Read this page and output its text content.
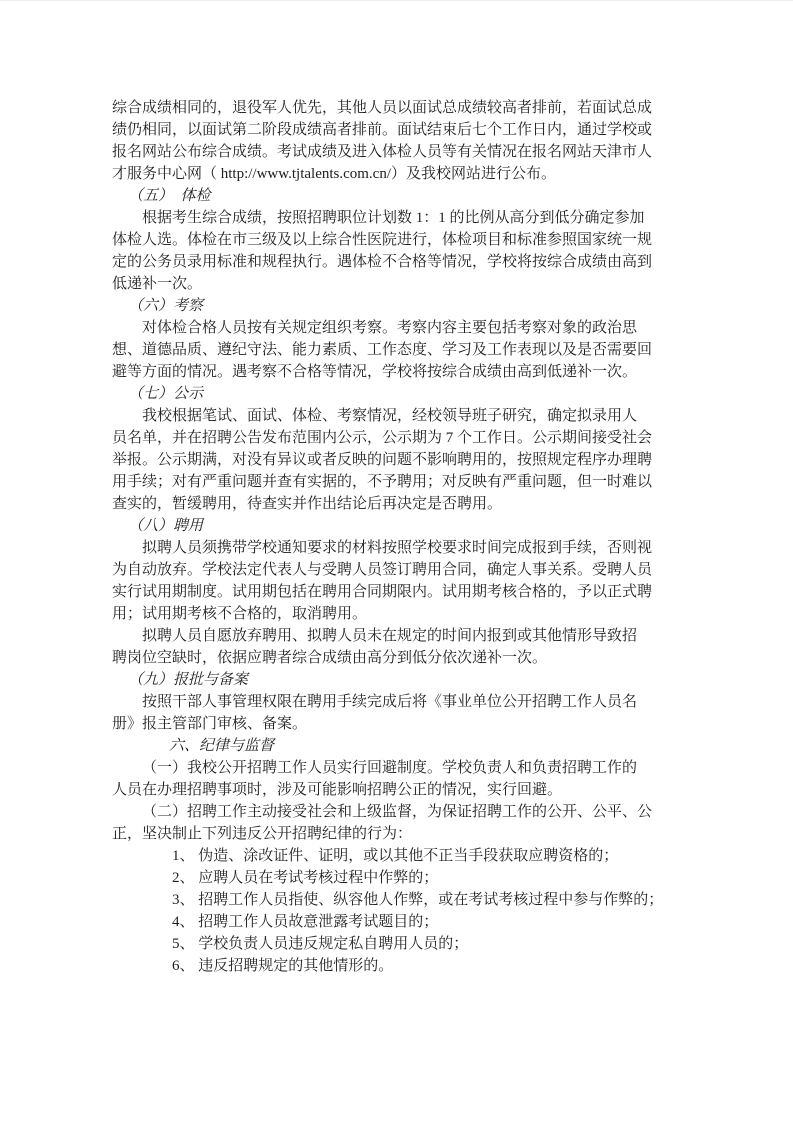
综合成绩相同的，退役军人优先，其他人员以面试总成绩较高者排前，若面试总成
绩仍相同，以面试第二阶段成绩高者排前。面试结束后七个工作日内，通过学校或
报名网站公布综合成绩。考试成绩及进入体检人员等有关情况在报名网站天津市人
才服务中心网（ http://www.tjtalents.com.cn/）及我校网站进行公布。
（五）　体检
根据考生综合成绩，按照招聘职位计划数 1：1 的比例从高分到低分确定参加
体检人选。体检在市三级及以上综合性医院进行，体检项目和标准参照国家统一规
定的公务员录用标准和规程执行。遇体检不合格等情况，学校将按综合成绩由高到
低递补一次。
（六）考察
对体检合格人员按有关规定组织考察。考察内容主要包括考察对象的政治思
想、道德品质、遵纪守法、能力素质、工作态度、学习及工作表现以及是否需要回
避等方面的情况。遇考察不合格等情况，学校将按综合成绩由高到低递补一次。
（七）公示
我校根据笔试、面试、体检、考察情况，经校领导班子研究，确定拟录用人
员名单，并在招聘公告发布范围内公示，公示期为 7 个工作日。公示期间接受社会
举报。公示期满，对没有异议或者反映的问题不影响聘用的，按照规定程序办理聘
用手续；对有严重问题并查有实据的，不予聘用；对反映有严重问题，但一时难以
查实的，暂缓聘用，待查实并作出结论后再决定是否聘用。
（八）聘用
拟聘人员须携带学校通知要求的材料按照学校要求时间完成报到手续，否则视
为自动放弃。学校法定代表人与受聘人员签订聘用合同，确定人事关系。受聘人员
实行试用期制度。试用期包括在聘用合同期限内。试用期考核合格的，予以正式聘
用；试用期考核不合格的，取消聘用。
拟聘人员自愿放弃聘用、拟聘人员未在规定的时间内报到或其他情形导致招
聘岗位空缺时，依据应聘者综合成绩由高分到低分依次递补一次。
（九）报批与备案
按照干部人事管理权限在聘用手续完成后将《事业单位公开招聘工作人员名
册》报主管部门审核、备案。
六、纪律与监督
（一）我校公开招聘工作人员实行回避制度。学校负责人和负责招聘工作的
人员在办理招聘事项时，涉及可能影响招聘公正的情况，实行回避。
（二）招聘工作主动接受社会和上级监督，为保证招聘工作的公开、公平、公
正，坚决制止下列违反公开招聘纪律的行为：
1、 伪造、涂改证件、证明，或以其他不正当手段获取应聘资格的；
2、 应聘人员在考试考核过程中作弊的；
3、 招聘工作人员指使、纵容他人作弊，或在考试考核过程中参与作弊的；
4、 招聘工作人员故意泄露考试题目的；
5、 学校负责人员违反规定私自聘用人员的；
6、 违反招聘规定的其他情形的。
